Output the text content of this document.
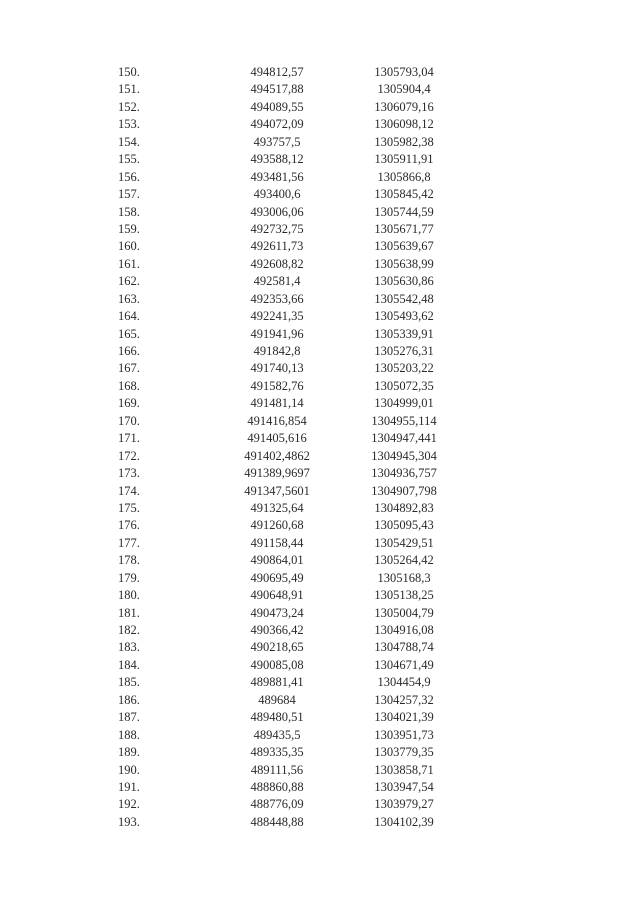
150.	494812,57	1305793,04
151.	494517,88	1305904,4
152.	494089,55	1306079,16
153.	494072,09	1306098,12
154.	493757,5	1305982,38
155.	493588,12	1305911,91
156.	493481,56	1305866,8
157.	493400,6	1305845,42
158.	493006,06	1305744,59
159.	492732,75	1305671,77
160.	492611,73	1305639,67
161.	492608,82	1305638,99
162.	492581,4	1305630,86
163.	492353,66	1305542,48
164.	492241,35	1305493,62
165.	491941,96	1305339,91
166.	491842,8	1305276,31
167.	491740,13	1305203,22
168.	491582,76	1305072,35
169.	491481,14	1304999,01
170.	491416,854	1304955,114
171.	491405,616	1304947,441
172.	491402,4862	1304945,304
173.	491389,9697	1304936,757
174.	491347,5601	1304907,798
175.	491325,64	1304892,83
176.	491260,68	1305095,43
177.	491158,44	1305429,51
178.	490864,01	1305264,42
179.	490695,49	1305168,3
180.	490648,91	1305138,25
181.	490473,24	1305004,79
182.	490366,42	1304916,08
183.	490218,65	1304788,74
184.	490085,08	1304671,49
185.	489881,41	1304454,9
186.	489684	1304257,32
187.	489480,51	1304021,39
188.	489435,5	1303951,73
189.	489335,35	1303779,35
190.	489111,56	1303858,71
191.	488860,88	1303947,54
192.	488776,09	1303979,27
193.	488448,88	1304102,39
